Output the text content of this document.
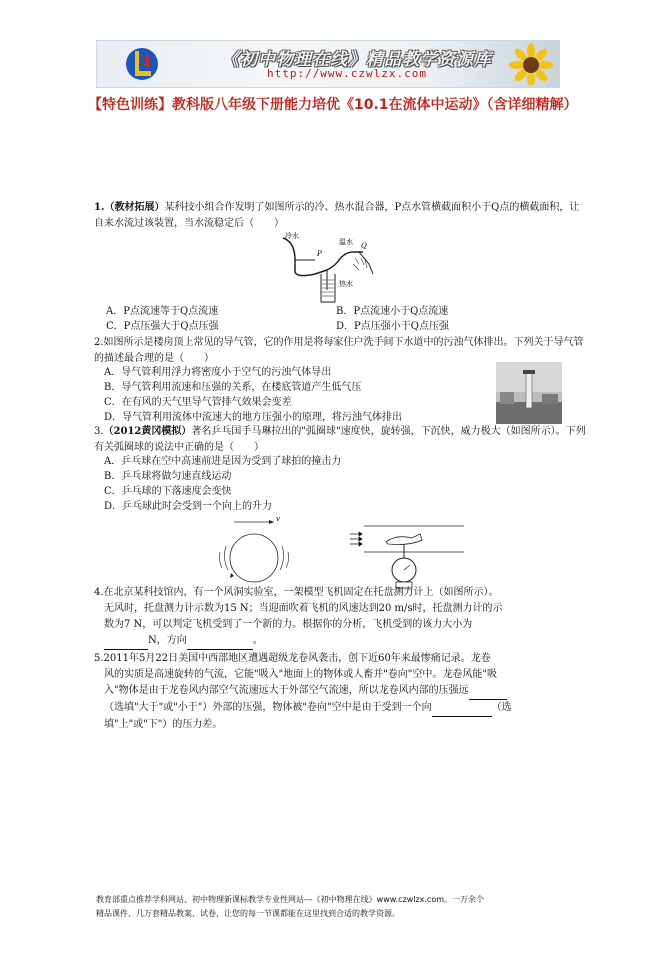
《初中物理在线》精品教学资源库
http://www.czwlzx.com
【特色训练】教科版八年级下册能力培优《10.1在流体中运动》（含详细精解）

1.（教材拓展）某科技小组合作发明了如图所示的冷、热水混合器，P点水管横截面积小于Q点的横截面积，让自来水流过该装置，当水流稳定后（　　）

冷水
温水
热水
P
Q
A．P点流速等于Q点流速	B．P点流速小于Q点流速
C．P点压强大于Q点压强	D．P点压强小于Q点压强

2.如图所示是楼房顶上常见的导气管，它的作用是将每家住户洗手间下水道中的污浊气体排出。下列关于导气管的描述最合理的是（　　）

A．导气管利用浮力将密度小于空气的污浊气体导出
B．导气管利用流速和压强的关系，在楼底管道产生低气压
C．在有风的天气里导气管排气效果会变差
D．导气管利用流体中流速大的地方压强小的原理，将污浊气体排出

3.（2012黄冈模拟）著名乒乓国手马琳拉出的"弧圈球"速度快，旋转强，下沉快，威力极大（如图所示）。下列有关弧圈球的说法中正确的是（　　）

A．乒乓球在空中高速前进是因为受到了球拍的撞击力
B．乒乓球将做匀速直线运动
C．乒乓球的下落速度会变快
D．乒乓球此时会受到一个向上的升力
v

4.在北京某科技馆内，有一个风洞实验室，一架模型飞机固定在托盘测力计上（如图所示）。

无风时，托盘测力计示数为15 N；当迎面吹着飞机的风速达到20 m/s时，托盘测力计的示

数为7 N，可以判定飞机受到了一个新的力。根据你的分析，飞机受到的该力大小为

N，方向	。

5.2011年5月22日美国中西部地区遭遇超级龙卷风袭击，创下近60年来最惨痛记录。龙卷

风的实质是高速旋转的气流，它能"吸入"地面上的物体或人畜并"卷向"空中。龙卷风能"吸

入"物体是由于龙卷风内部空气流速远大于外部空气流速，所以龙卷风内部的压强远

（选填"大于"或"小于"）外部的压强，物体被"卷向"空中是由于受到一个向	（选

填"上"或"下"）的压力差。

教育部重点推荐学科网站、初中物理新课标教学专业性网站---《初中物理在线》www.czwlzx.com。一万余个
精品课件、几万套精品教案、试卷，让您的每一节课都能在这里找到合适的教学资源。
